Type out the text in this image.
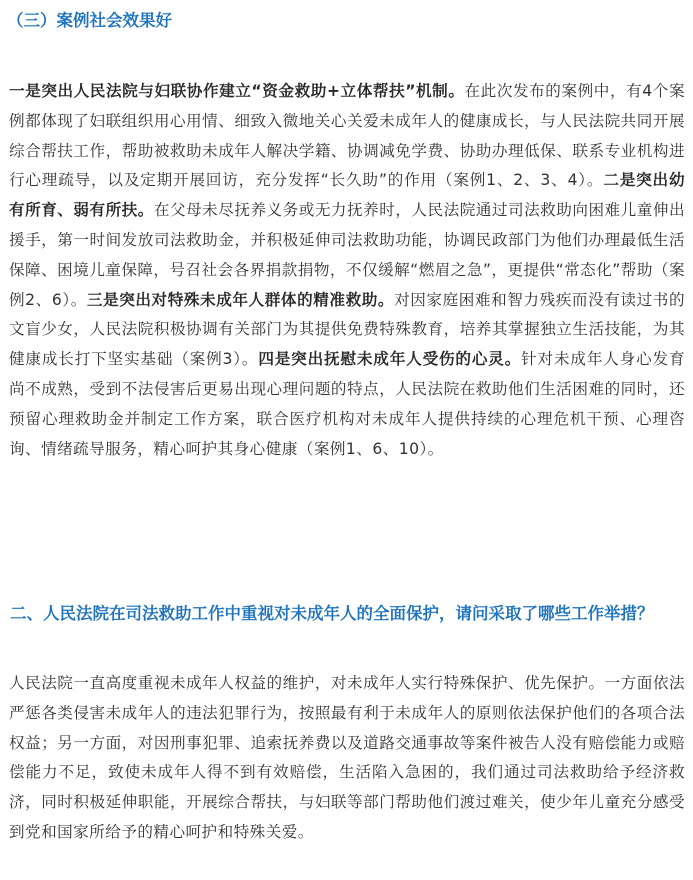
（三）案例社会效果好

一是突出人民法院与妇联协作建立“资金救助+立体帮扶”机制。在此次发布的案例中，有4个案例都体现了妇联组织用心用情、细致入微地关心关爱未成年人的健康成长，与人民法院共同开展综合帮扶工作，帮助被救助未成年人解决学籍、协调减免学费、协助办理低保、联系专业机构进行心理疏导，以及定期开展回访，充分发挥“长久助”的作用（案例1、2、3、4）。二是突出幼有所育、弱有所扶。在父母未尽抚养义务或无力抚养时，人民法院通过司法救助向困难儿童伸出援手，第一时间发放司法救助金，并积极延伸司法救助功能，协调民政部门为他们办理最低生活保障、困境儿童保障，号召社会各界捐款捐物，不仅缓解“燃眉之急”，更提供“常态化”帮助（案例2、6）。三是突出对特殊未成年人群体的精准救助。对因家庭困难和智力残疾而没有读过书的文盲少女，人民法院积极协调有关部门为其提供免费特殊教育，培养其掌握独立生活技能，为其健康成长打下坚实基础（案例3）。四是突出抚慰未成年人受伤的心灵。针对未成年人身心发育尚不成熟，受到不法侵害后更易出现心理问题的特点，人民法院在救助他们生活困难的同时，还预留心理救助金并制定工作方案，联合医疗机构对未成年人提供持续的心理危机干预、心理咨询、情绪疏导服务，精心呵护其身心健康（案例1、6、10）。

二、人民法院在司法救助工作中重视对未成年人的全面保护，请问采取了哪些工作举措？

人民法院一直高度重视未成年人权益的维护，对未成年人实行特殊保护、优先保护。一方面依法严惩各类侵害未成年人的违法犯罪行为，按照最有利于未成年人的原则依法保护他们的各项合法权益；另一方面，对因刑事犯罪、追索抚养费以及道路交通事故等案件被告人没有赔偿能力或赔偿能力不足，致使未成年人得不到有效赔偿，生活陷入急困的，我们通过司法救助给予经济救济，同时积极延伸职能，开展综合帮扶，与妇联等部门帮助他们渡过难关，使少年儿童充分感受到党和国家所给予的精心呵护和特殊关爱。
